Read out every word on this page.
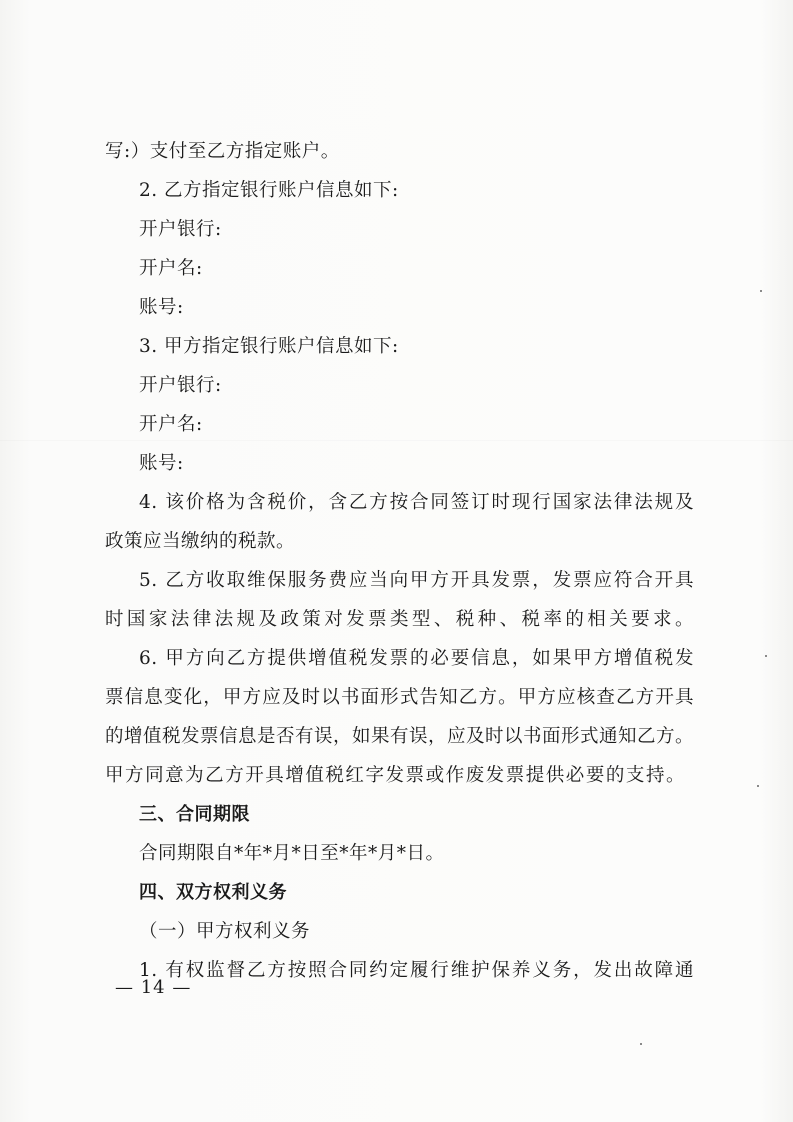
写:）支付至乙方指定账户。
2. 乙方指定银行账户信息如下:
开户银行:
开户名:
账号:
3. 甲方指定银行账户信息如下:
开户银行:
开户名:
账号:
4. 该价格为含税价，含乙方按合同签订时现行国家法律法规及
政策应当缴纳的税款。
5. 乙方收取维保服务费应当向甲方开具发票，发票应符合开具
时国家法律法规及政策对发票类型、税种、税率的相关要求。
6. 甲方向乙方提供增值税发票的必要信息，如果甲方增值税发
票信息变化，甲方应及时以书面形式告知乙方。甲方应核查乙方开具
的增值税发票信息是否有误，如果有误，应及时以书面形式通知乙方。
甲方同意为乙方开具增值税红字发票或作废发票提供必要的支持。
三、合同期限
合同期限自*年*月*日至*年*月*日。
四、双方权利义务
（一）甲方权利义务
1. 有权监督乙方按照合同约定履行维护保养义务，发出故障通
— 14 —
